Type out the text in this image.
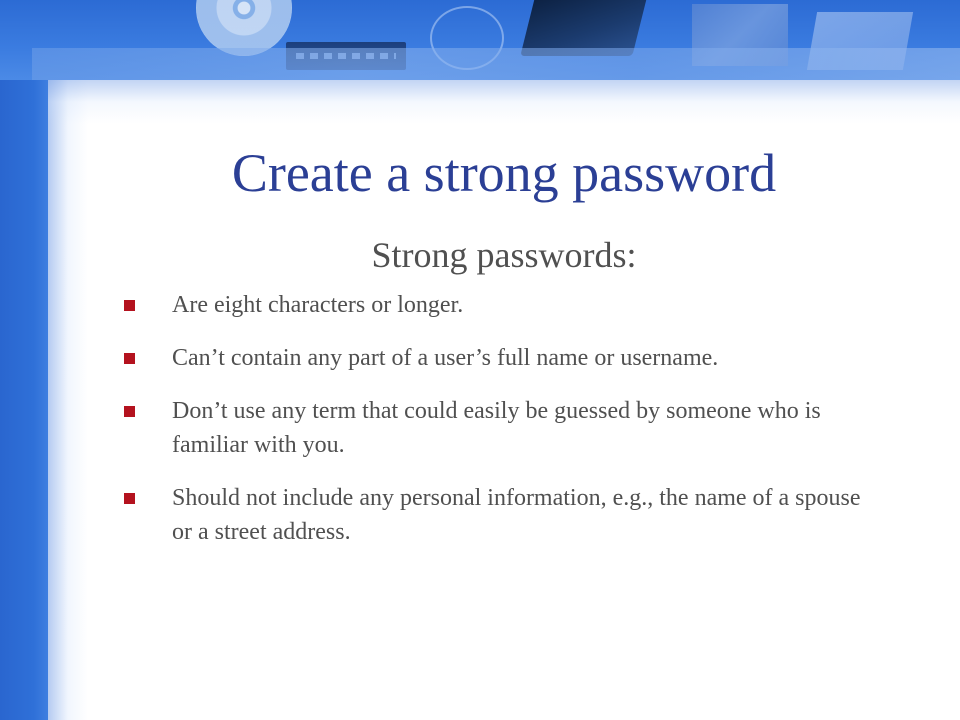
Create a strong password
Strong passwords:
Are eight characters or longer.
Can’t contain any part of a user’s full name or username.
Don’t use any term that could easily be guessed by someone who is familiar with you.
Should not include any personal information, e.g., the name of a spouse or a street address.
